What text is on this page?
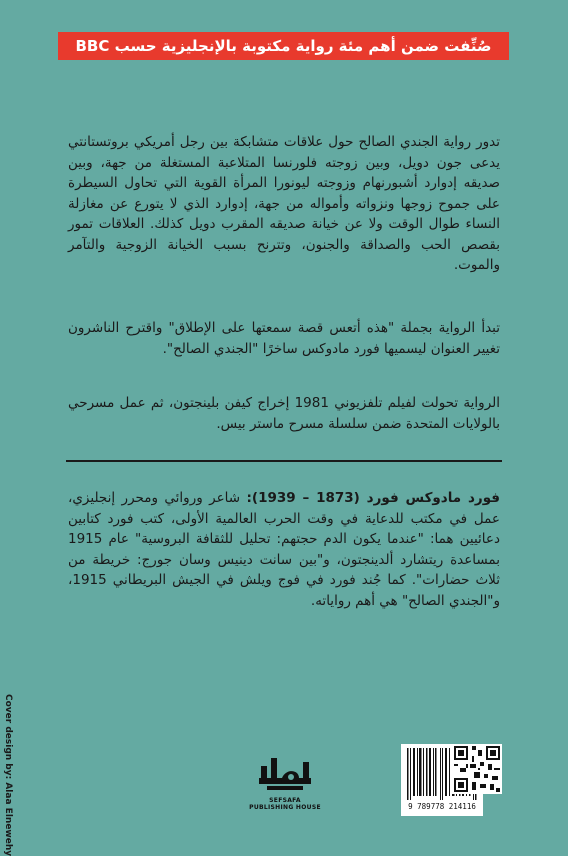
صُنِّفت ضمن أهم مئة رواية مكتوبة بالإنجليزية حسب BBC
تدور رواية الجندي الصالح حول علاقات متشابكة بين رجل أمريكي بروتستانتي يدعى جون دويل، وبين زوجته فلورنسا المتلاعبة المستغلة من جهة، وبين صديقه إدوارد أشبورنهام وزوجته ليونورا المرأة القوية التي تحاول السيطرة على جموح زوجها ونزواته وأمواله من جهة، إدوارد الذي لا يتورع عن مغازلة النساء طوال الوقت ولا عن خيانة صديقه المقرب دويل كذلك. العلاقات تمور بقصص الحب والصداقة والجنون، وتترنح بسبب الخيانة الزوجية والتآمر والموت.
تبدأ الرواية بجملة "هذه أتعس قصة سمعتها على الإطلاق" واقترح الناشرون تغيير العنوان ليسميها فورد مادوكس ساخرًا "الجندي الصالح".
الرواية تحولت لفيلم تلفزيوني 1981 إخراج كيفن بلينجتون، ثم عمل مسرحي بالولايات المتحدة ضمن سلسلة مسرح ماستر بيس.
فورد مادوكس فورد (1873 – 1939): شاعر وروائي ومحرر إنجليزي، عمل في مكتب للدعاية في وقت الحرب العالمية الأولى، كتب فورد كتابين دعائيين هما: "عندما يكون الدم حجتهم: تحليل للثقافة البروسية" عام 1915 بمساعدة ريتشارد ألدينجتون، و"بين سانت دينيس وسان جورج: خريطة من ثلاث حضارات". كما جُند فورد في فوج ويلش في الجيش البريطاني 1915، و"الجندي الصالح" هي أهم رواياته.
Cover design by: Alaa Elnewehy	SEFSAFA PUBLISHING HOUSE	9 789778 214116
